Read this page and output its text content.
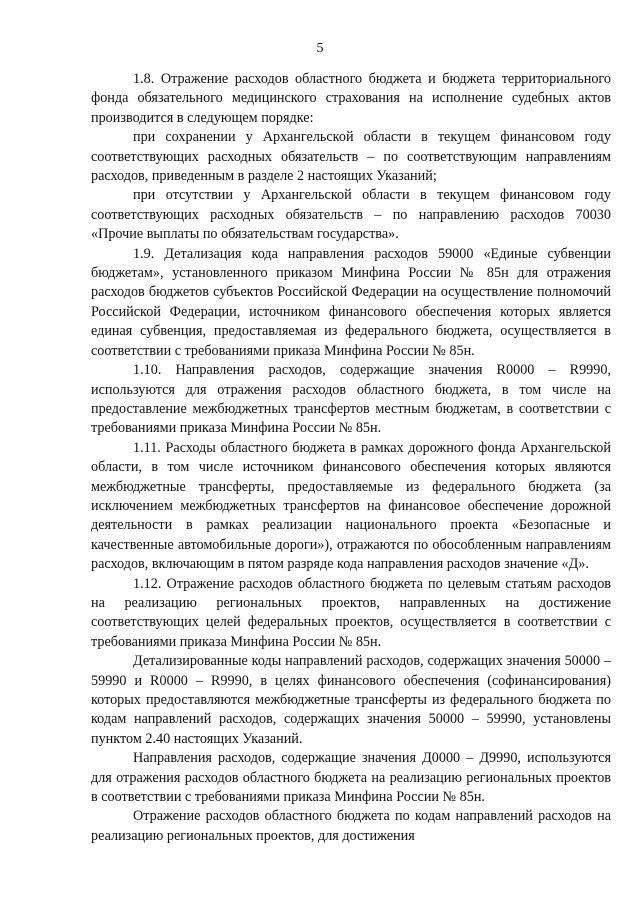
5

1.8. Отражение расходов областного бюджета и бюджета территориального фонда обязательного медицинского страхования на исполнение судебных актов производится в следующем порядке:

при сохранении у Архангельской области в текущем финансовом году соответствующих расходных обязательств – по соответствующим направлениям расходов, приведенным в разделе 2 настоящих Указаний;

при отсутствии у Архангельской области в текущем финансовом году соответствующих расходных обязательств – по направлению расходов 70030 «Прочие выплаты по обязательствам государства».

1.9. Детализация кода направления расходов 59000 «Единые субвенции бюджетам», установленного приказом Минфина России № 85н для отражения расходов бюджетов субъектов Российской Федерации на осуществление полномочий Российской Федерации, источником финансового обеспечения которых является единая субвенция, предоставляемая из федерального бюджета, осуществляется в соответствии с требованиями приказа Минфина России № 85н.

1.10. Направления расходов, содержащие значения R0000 – R9990, используются для отражения расходов областного бюджета, в том числе на предоставление межбюджетных трансфертов местным бюджетам, в соответствии с требованиями приказа Минфина России № 85н.

1.11. Расходы областного бюджета в рамках дорожного фонда Архангельской области, в том числе источником финансового обеспечения которых являются межбюджетные трансферты, предоставляемые из федерального бюджета (за исключением межбюджетных трансфертов на финансовое обеспечение дорожной деятельности в рамках реализации национального проекта «Безопасные и качественные автомобильные дороги»), отражаются по обособленным направлениям расходов, включающим в пятом разряде кода направления расходов значение «Д».

1.12. Отражение расходов областного бюджета по целевым статьям расходов на реализацию региональных проектов, направленных на достижение соответствующих целей федеральных проектов, осуществляется в соответствии с требованиями приказа Минфина России № 85н.

Детализированные коды направлений расходов, содержащих значения 50000 – 59990 и R0000 – R9990, в целях финансового обеспечения (софинансирования) которых предоставляются межбюджетные трансферты из федерального бюджета по кодам направлений расходов, содержащих значения 50000 – 59990, установлены пунктом 2.40 настоящих Указаний.

Направления расходов, содержащие значения Д0000 – Д9990, используются для отражения расходов областного бюджета на реализацию региональных проектов в соответствии с требованиями приказа Минфина России № 85н.

Отражение расходов областного бюджета по кодам направлений расходов на реализацию региональных проектов, для достижения
